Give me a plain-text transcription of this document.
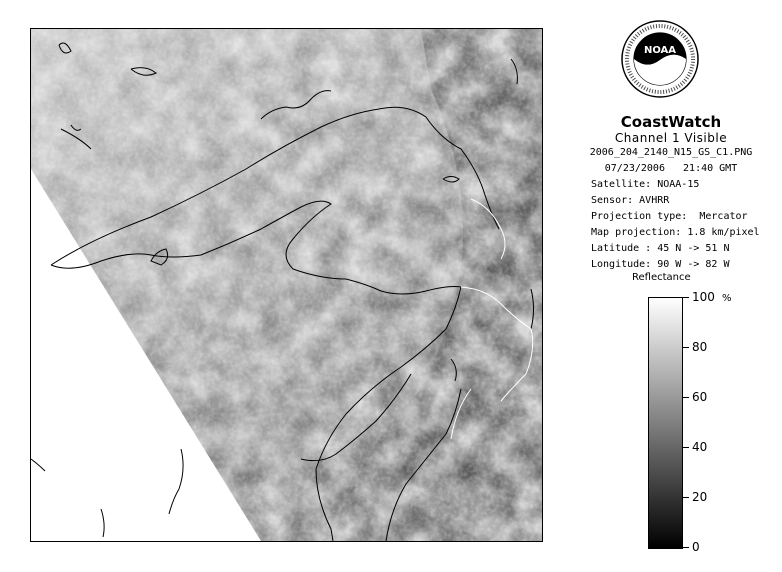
NOAA
CoastWatch
Channel 1 Visible
2006_204_2140_N15_GS_C1.PNG
07/23/2006   21:40 GMT
Satellite: NOAA-15
Sensor: AVHRR
Projection type:  Mercator
Map projection: 1.8 km/pixel
Latitude : 45 N -> 51 N
Longitude: 90 W -> 82 W
Reflectance
%
100
80
60
40
20
0
